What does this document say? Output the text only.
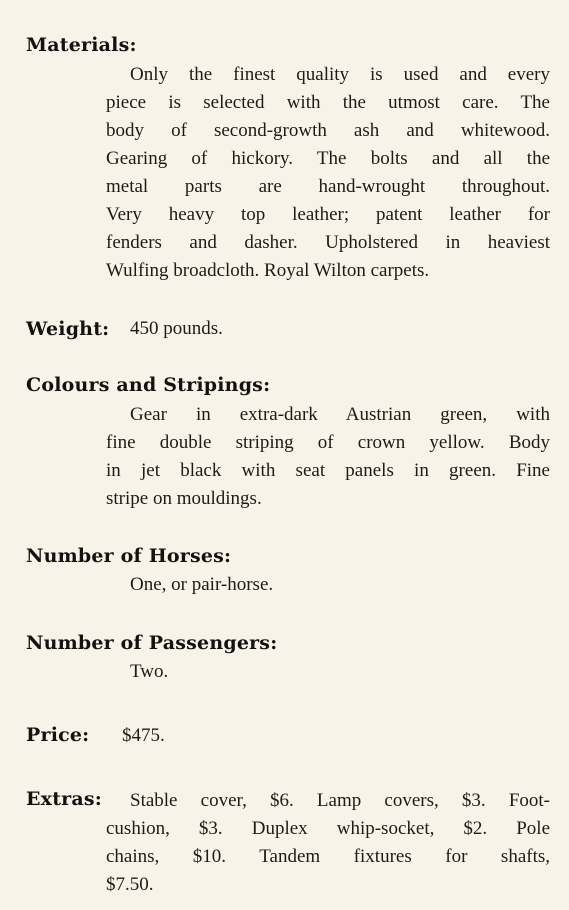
Materials:
Only the finest quality is used and every
piece is selected with the utmost care. The
body of second-growth ash and whitewood.
Gearing of hickory. The bolts and all the
metal parts are hand-wrought throughout.
Very heavy top leather; patent leather for
fenders and dasher. Upholstered in heaviest
Wulfing broadcloth. Royal Wilton carpets.
Weight: 450 pounds.
Colours and Stripings:
Gear in extra-dark Austrian green, with
fine double striping of crown yellow. Body
in jet black with seat panels in green. Fine
stripe on mouldings.
Number of Horses:
One, or pair-horse.
Number of Passengers:
Two.
Price: $475.
Extras:	Stable cover, $6. Lamp covers, $3. Foot-
cushion, $3. Duplex whip-socket, $2. Pole
chains, $10. Tandem fixtures for shafts,
$7.50.
